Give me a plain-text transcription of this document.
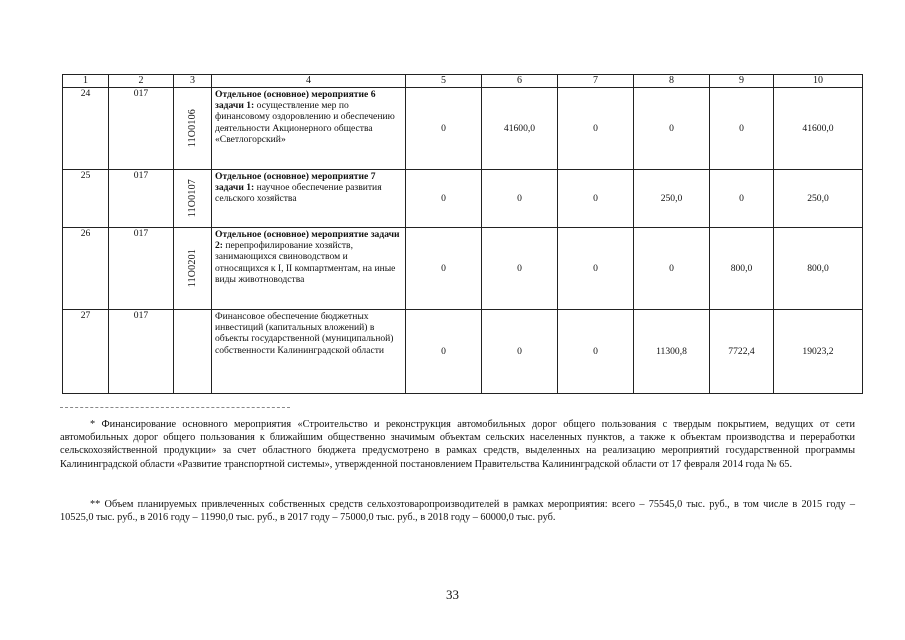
1	2	3	4	5	6	7	8	9	10
24	017	11O0106	Отдельное (основное) мероприятие 6 задачи 1: осуществление мер по финансовому оздоровлению и обеспечению деятельности Акционерного общества «Светлогорский»	0	41600,0	0	0	0	41600,0
25	017	11O0107	Отдельное (основное) мероприятие 7 задачи 1: научное обеспечение развития сельского хозяйства	0	0	0	250,0	0	250,0
26	017	11O0201	Отдельное (основное) мероприятие задачи 2: перепрофилирование хозяйств, занимающихся свиноводством и относящихся к I, II компартментам, на иные виды животноводства	0	0	0	0	800,0	800,0
27	017		Финансовое обеспечение бюджетных инвестиций (капитальных вложений) в объекты государственной (муниципальной) собственности Калининградской области	0	0	0	11300,8	7722,4	19023,2
* Финансирование основного мероприятия «Строительство и реконструкция автомобильных дорог общего пользования с твердым покрытием, ведущих от сети автомобильных дорог общего пользования к ближайшим общественно значимым объектам сельских населенных пунктов, а также к объектам производства и переработки сельскохозяйственной продукции» за счет областного бюджета предусмотрено в рамках средств, выделенных на реализацию мероприятий государственной программы Калининградской области «Развитие транспортной системы», утвержденной постановлением Правительства Калининградской области от 17 февраля 2014 года № 65.
** Объем планируемых привлеченных собственных средств сельхозтоваропроизводителей в рамках мероприятия: всего – 75545,0 тыс. руб., в том числе в 2015 году – 10525,0 тыс. руб., в 2016 году – 11990,0 тыс. руб., в 2017 году – 75000,0 тыс. руб., в 2018 году – 60000,0 тыс. руб.
33
